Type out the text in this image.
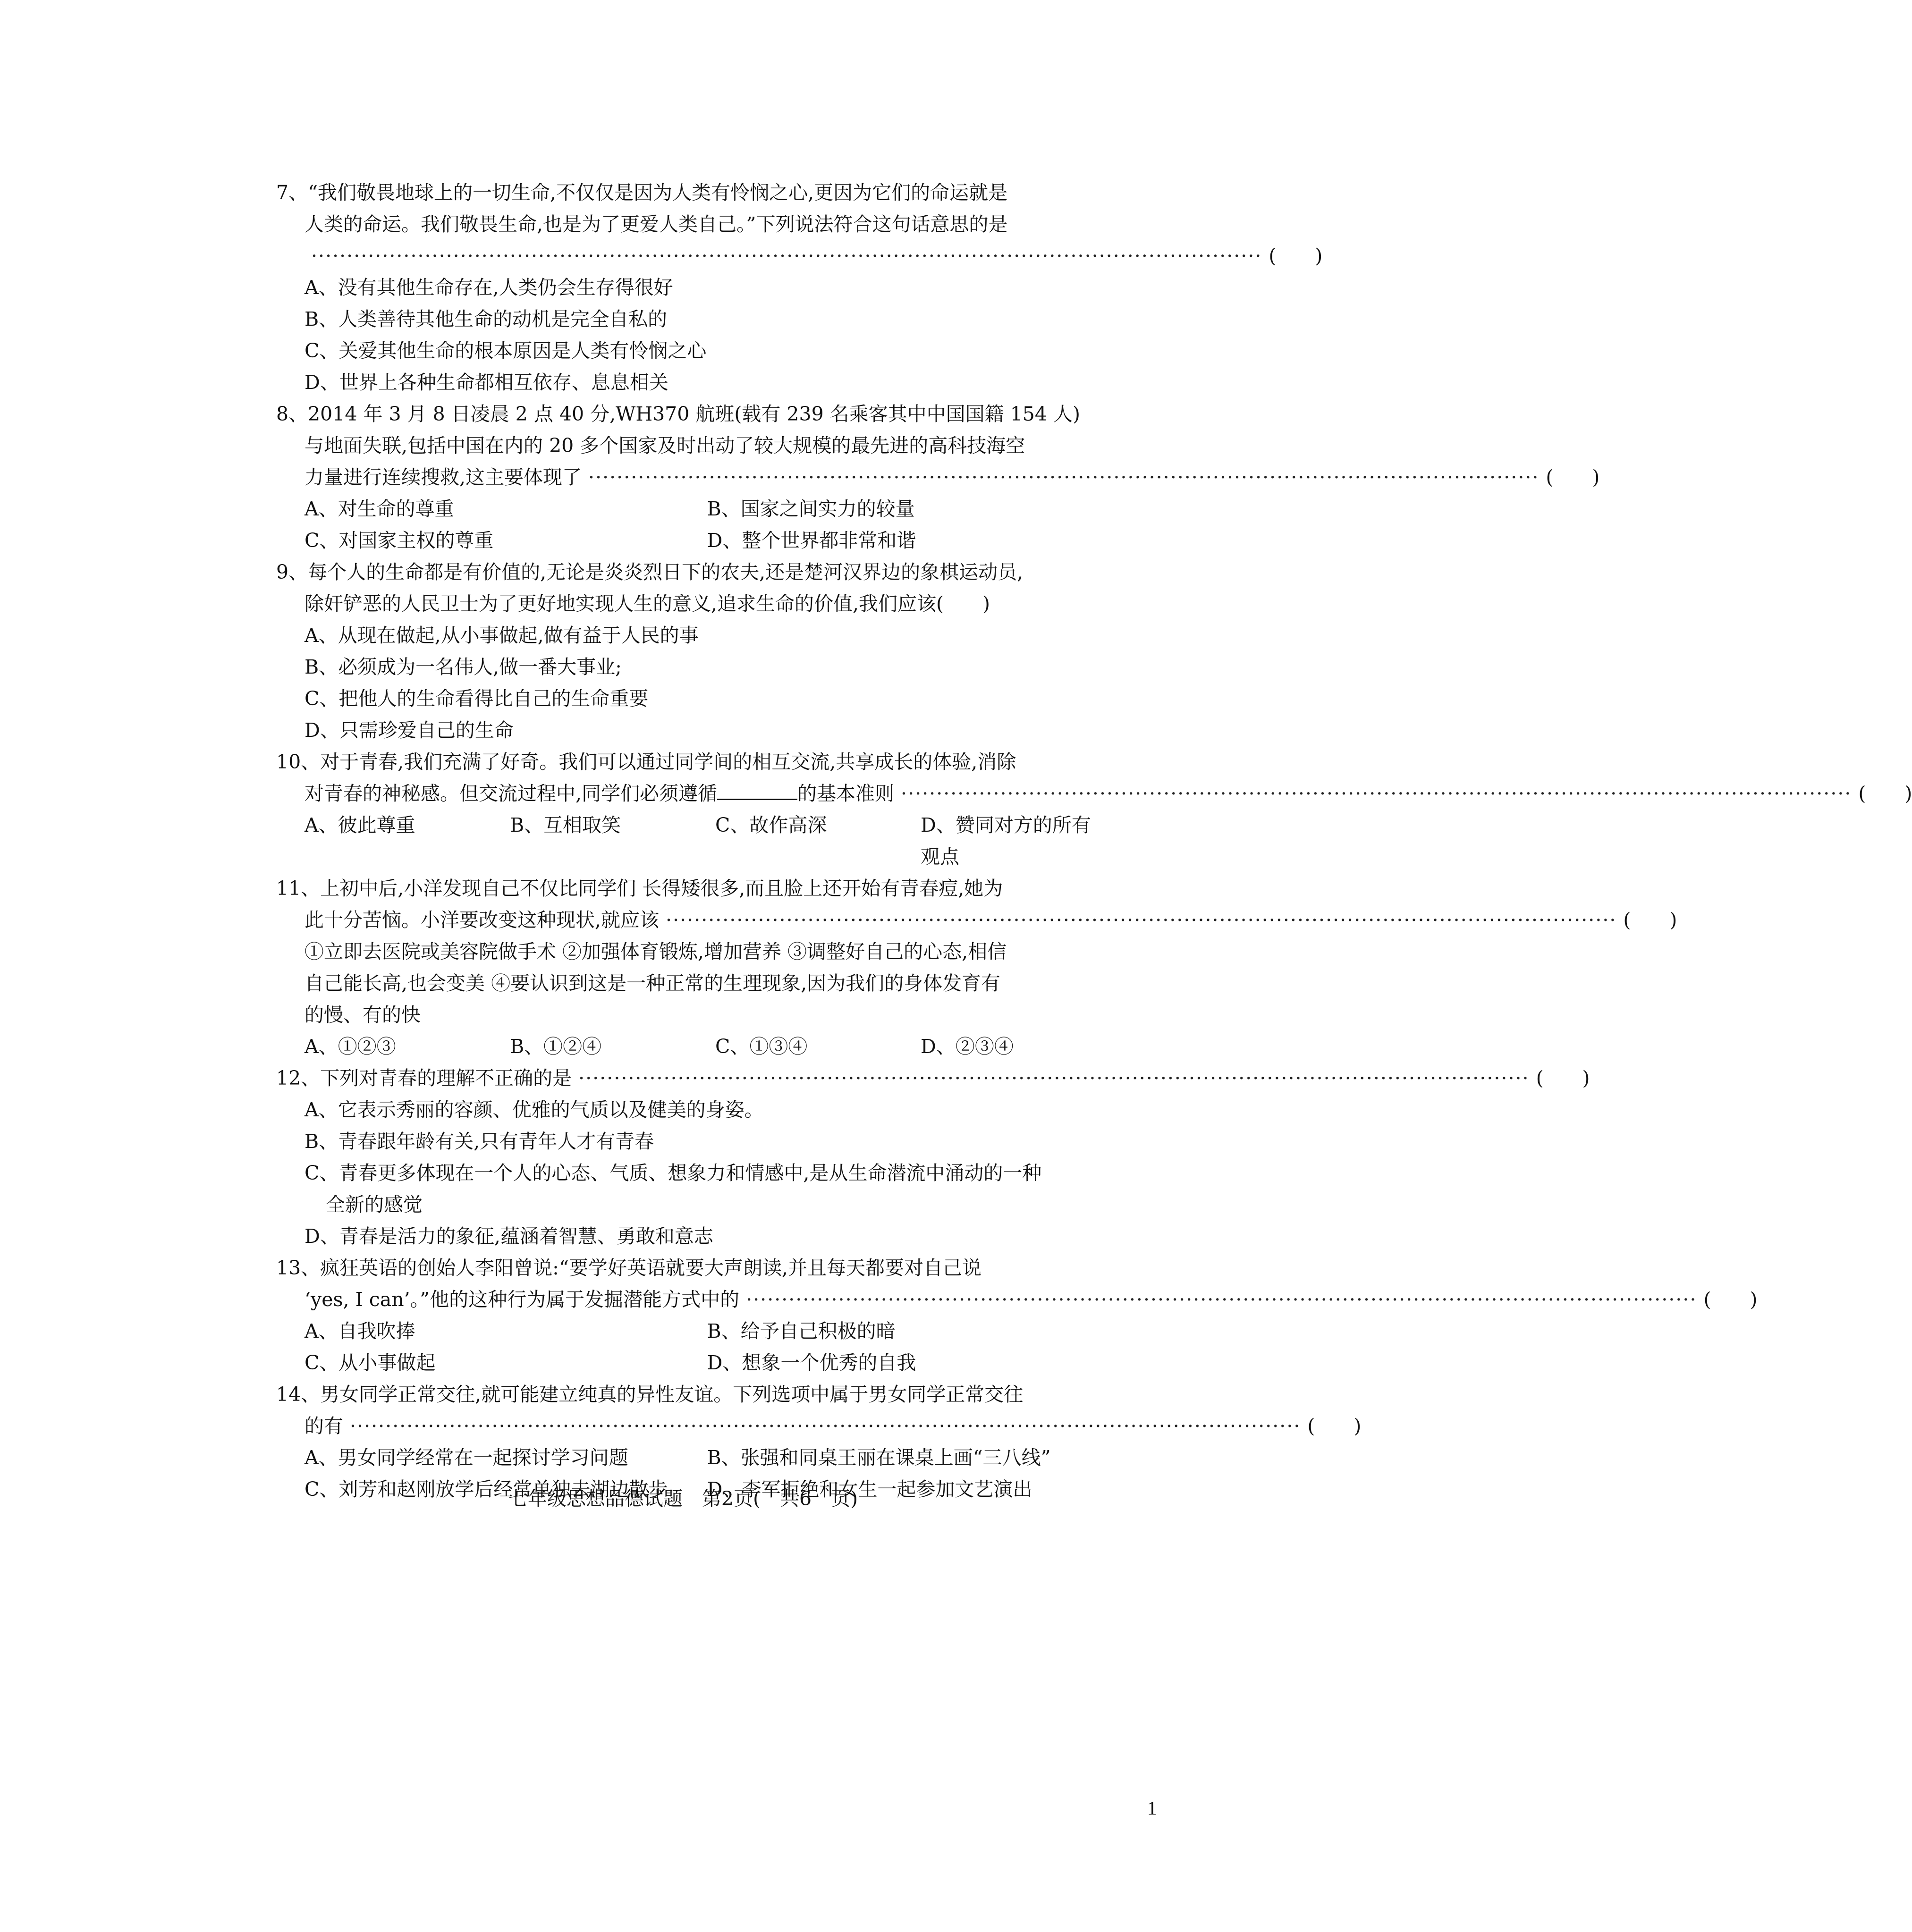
7、“我们敬畏地球上的一切生命,不仅仅是因为人类有怜悯之心,更因为它们的命运就是
人类的命运。我们敬畏生命,也是为了更爱人类自己。”下列说法符合这句话意思的是
······································································································································ (　　)
A、没有其他生命存在,人类仍会生存得很好
B、人类善待其他生命的动机是完全自私的
C、关爱其他生命的根本原因是人类有怜悯之心
D、世界上各种生命都相互依存、息息相关
8、2014 年 3 月 8 日凌晨 2 点 40 分,WH370 航班(载有 239 名乘客其中中国国籍 154 人)
与地面失联,包括中国在内的 20 多个国家及时出动了较大规模的最先进的高科技海空
力量进行连续搜救,这主要体现了 ······································································································································ (　　)
A、对生命的尊重	B、国家之间实力的较量
C、对国家主权的尊重	D、整个世界都非常和谐
9、每个人的生命都是有价值的,无论是炎炎烈日下的农夫,还是楚河汉界边的象棋运动员,
除奸铲恶的人民卫士为了更好地实现人生的意义,追求生命的价值,我们应该(　　)
A、从现在做起,从小事做起,做有益于人民的事
B、必须成为一名伟人,做一番大事业;
C、把他人的生命看得比自己的生命重要
D、只需珍爱自己的生命
10、对于青春,我们充满了好奇。我们可以通过同学间的相互交流,共享成长的体验,消除
对青春的神秘感。但交流过程中,同学们必须遵循	的基本准则 ······································································································································ (　　)
A、彼此尊重	B、互相取笑	C、故作高深	D、赞同对方的所有观点
11、上初中后,小洋发现自己不仅比同学们 长得矮很多,而且脸上还开始有青春痘,她为
此十分苦恼。小洋要改变这种现状,就应该 ······································································································································ (　　)
①立即去医院或美容院做手术 ②加强体育锻炼,增加营养 ③调整好自己的心态,相信
自己能长高,也会变美 ④要认识到这是一种正常的生理现象,因为我们的身体发育有
的慢、有的快
A、①②③	B、①②④	C、①③④	D、②③④
12、下列对青春的理解不正确的是 ······································································································································ (　　)
A、它表示秀丽的容颜、优雅的气质以及健美的身姿。
B、青春跟年龄有关,只有青年人才有青春
C、青春更多体现在一个人的心态、气质、想象力和情感中,是从生命潜流中涌动的一种
全新的感觉
D、青春是活力的象征,蕴涵着智慧、勇敢和意志
13、疯狂英语的创始人李阳曾说:“要学好英语就要大声朗读,并且每天都要对自己说
‘yes, I can’。”他的这种行为属于发掘潜能方式中的 ······································································································································ (　　)
A、自我吹捧	B、给予自己积极的暗
C、从小事做起	D、想象一个优秀的自我
14、男女同学正常交往,就可能建立纯真的异性友谊。下列选项中属于男女同学正常交往
的有 ······································································································································ (　　)
A、男女同学经常在一起探讨学习问题	B、张强和同桌王丽在课桌上画“三八线”
C、刘芳和赵刚放学后经常单独去湖边散步	D、李军拒绝和女生一起参加文艺演出
七年级思想品德试题　第2页(　共6　页)
1
